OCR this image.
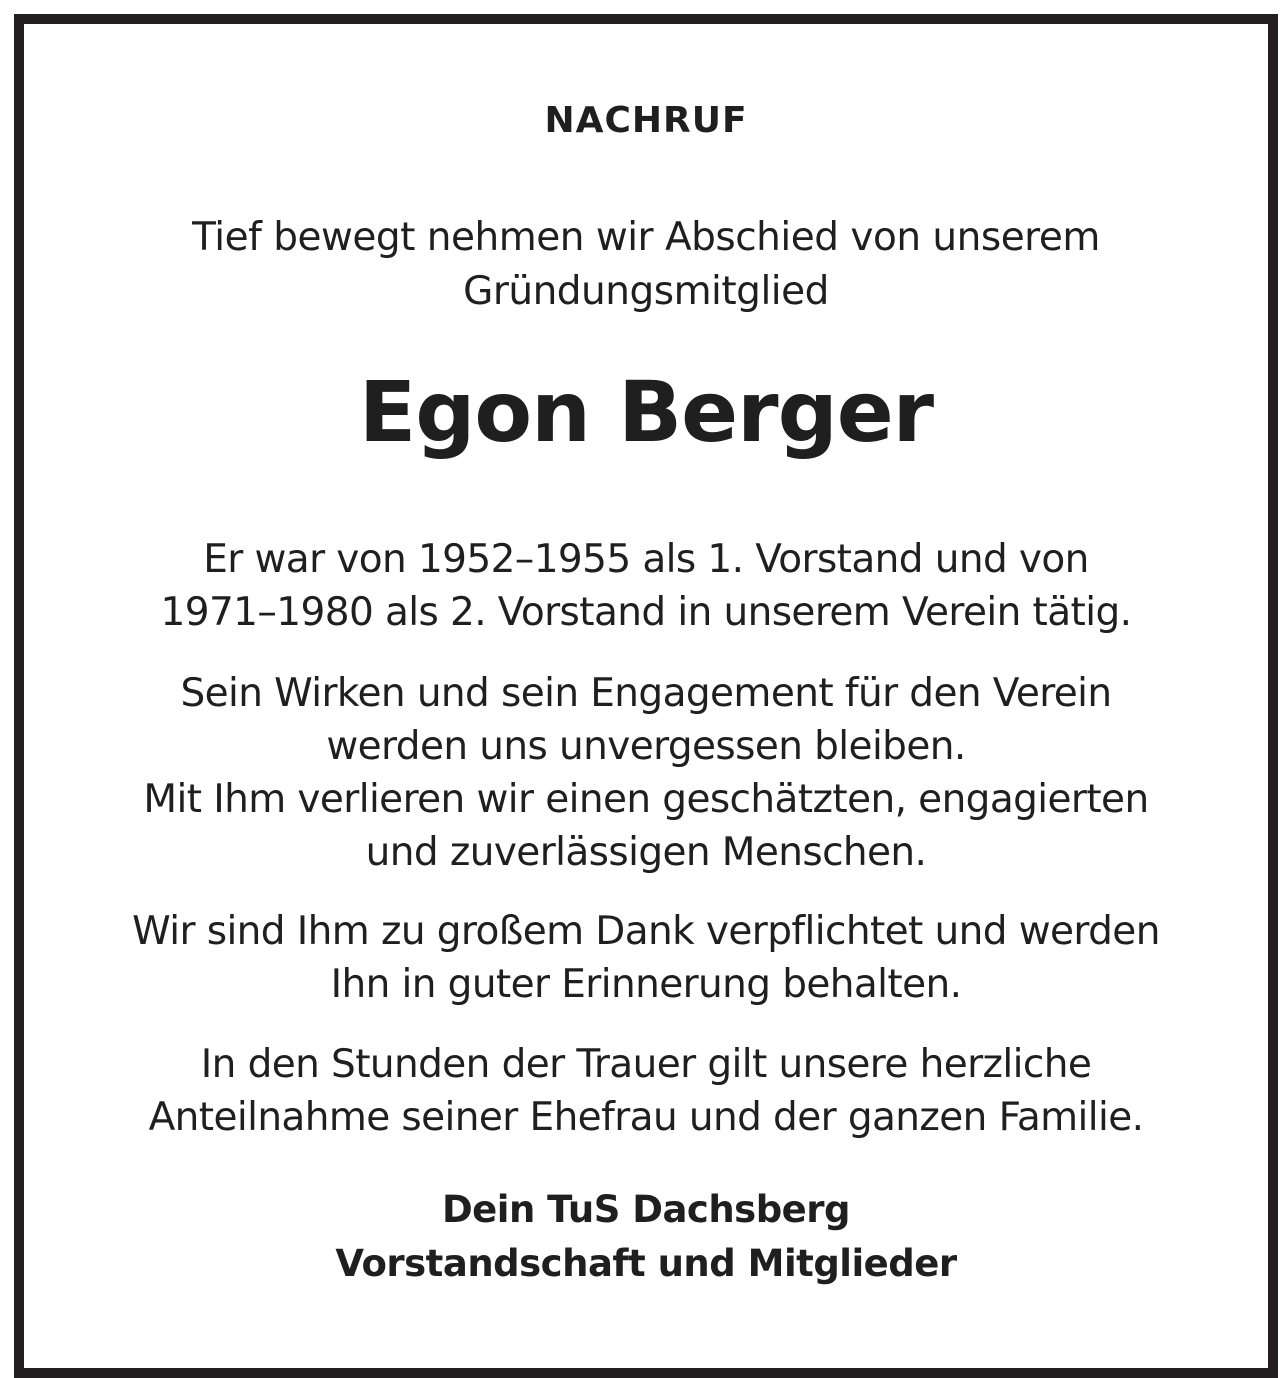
NACHRUF
Tief bewegt nehmen wir Abschied von unserem
Gründungsmitglied
Egon Berger
Er war von 1952–1955 als 1. Vorstand und von
1971–1980 als 2. Vorstand in unserem Verein tätig.
Sein Wirken und sein Engagement für den Verein
werden uns unvergessen bleiben.
Mit Ihm verlieren wir einen geschätzten, engagierten
und zuverlässigen Menschen.
Wir sind Ihm zu großem Dank verpflichtet und werden
Ihn in guter Erinnerung behalten.
In den Stunden der Trauer gilt unsere herzliche
Anteilnahme seiner Ehefrau und der ganzen Familie.
Dein TuS Dachsberg
Vorstandschaft und Mitglieder
